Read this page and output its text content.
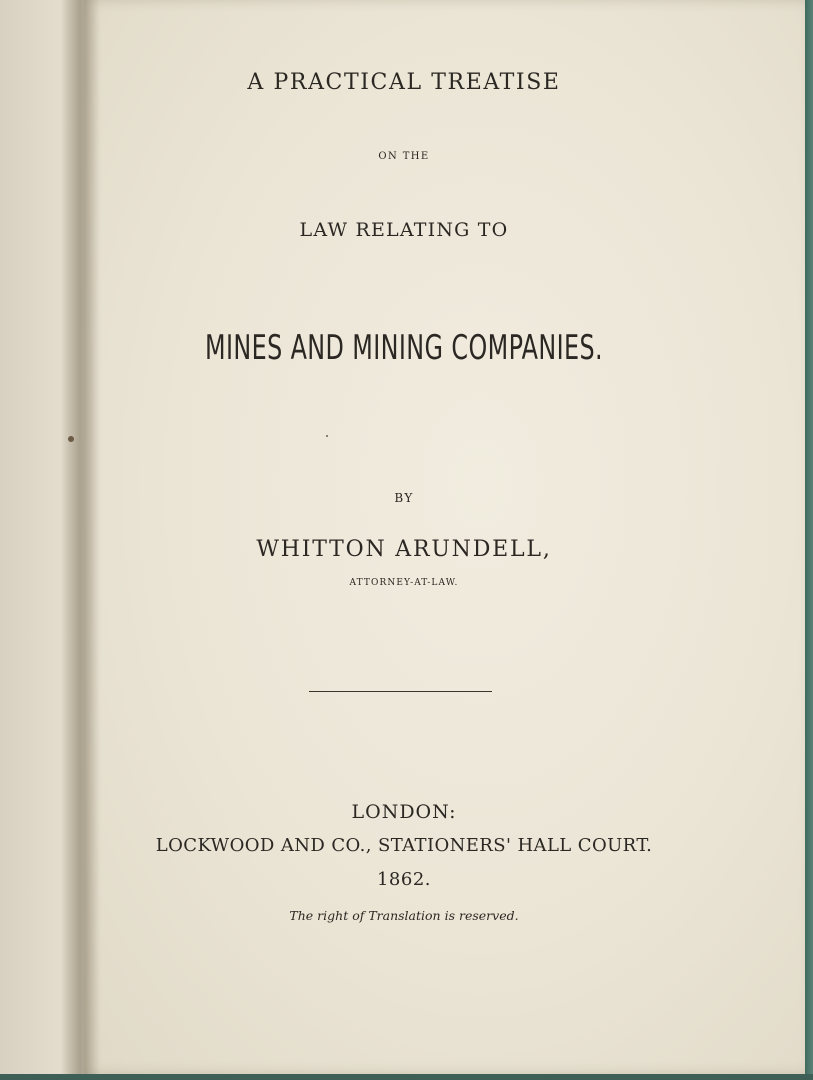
A PRACTICAL TREATISE
ON THE
LAW RELATING TO
MINES AND MINING COMPANIES.
BY
WHITTON ARUNDELL,
ATTORNEY-AT-LAW.
LONDON:
LOCKWOOD AND CO., STATIONERS' HALL COURT.
1862.
The right of Translation is reserved.
